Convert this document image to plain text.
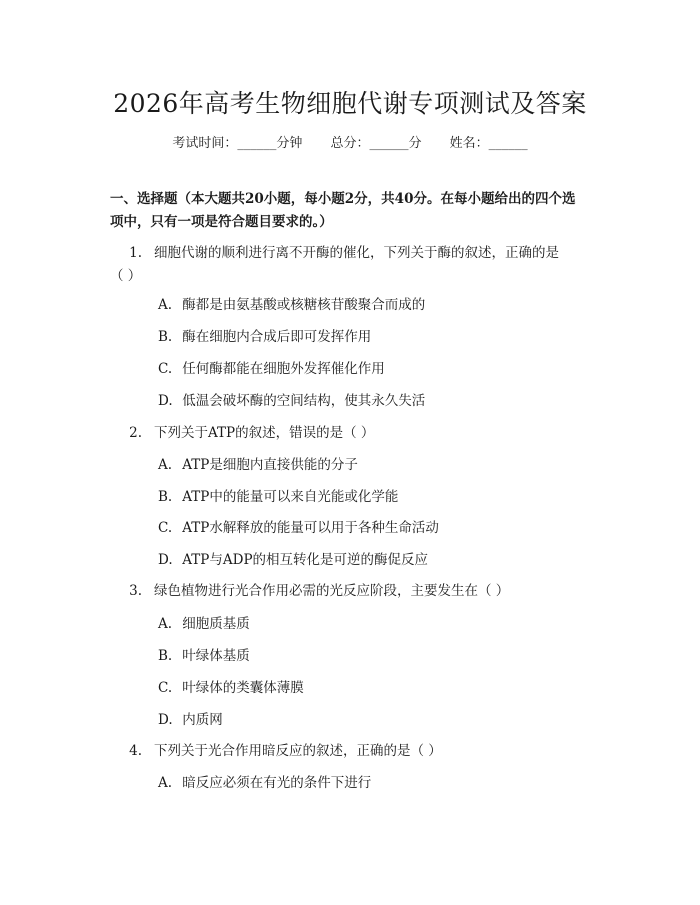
2026年高考生物细胞代谢专项测试及答案
考试时间：______分钟 总分：______分 姓名：______
一、选择题（本大题共20小题，每小题2分，共40分。在每小题给出的四个选
项中，只有一项是符合题目要求的。）
1. 细胞代谢的顺利进行离不开酶的催化，下列关于酶的叙述，正确的是
（ ）
A. 酶都是由氨基酸或核糖核苷酸聚合而成的
B. 酶在细胞内合成后即可发挥作用
C. 任何酶都能在细胞外发挥催化作用
D. 低温会破坏酶的空间结构，使其永久失活
2. 下列关于ATP的叙述，错误的是（ ）
A. ATP是细胞内直接供能的分子
B. ATP中的能量可以来自光能或化学能
C. ATP水解释放的能量可以用于各种生命活动
D. ATP与ADP的相互转化是可逆的酶促反应
3. 绿色植物进行光合作用必需的光反应阶段，主要发生在（ ）
A. 细胞质基质
B. 叶绿体基质
C. 叶绿体的类囊体薄膜
D. 内质网
4. 下列关于光合作用暗反应的叙述，正确的是（ ）
A. 暗反应必须在有光的条件下进行
